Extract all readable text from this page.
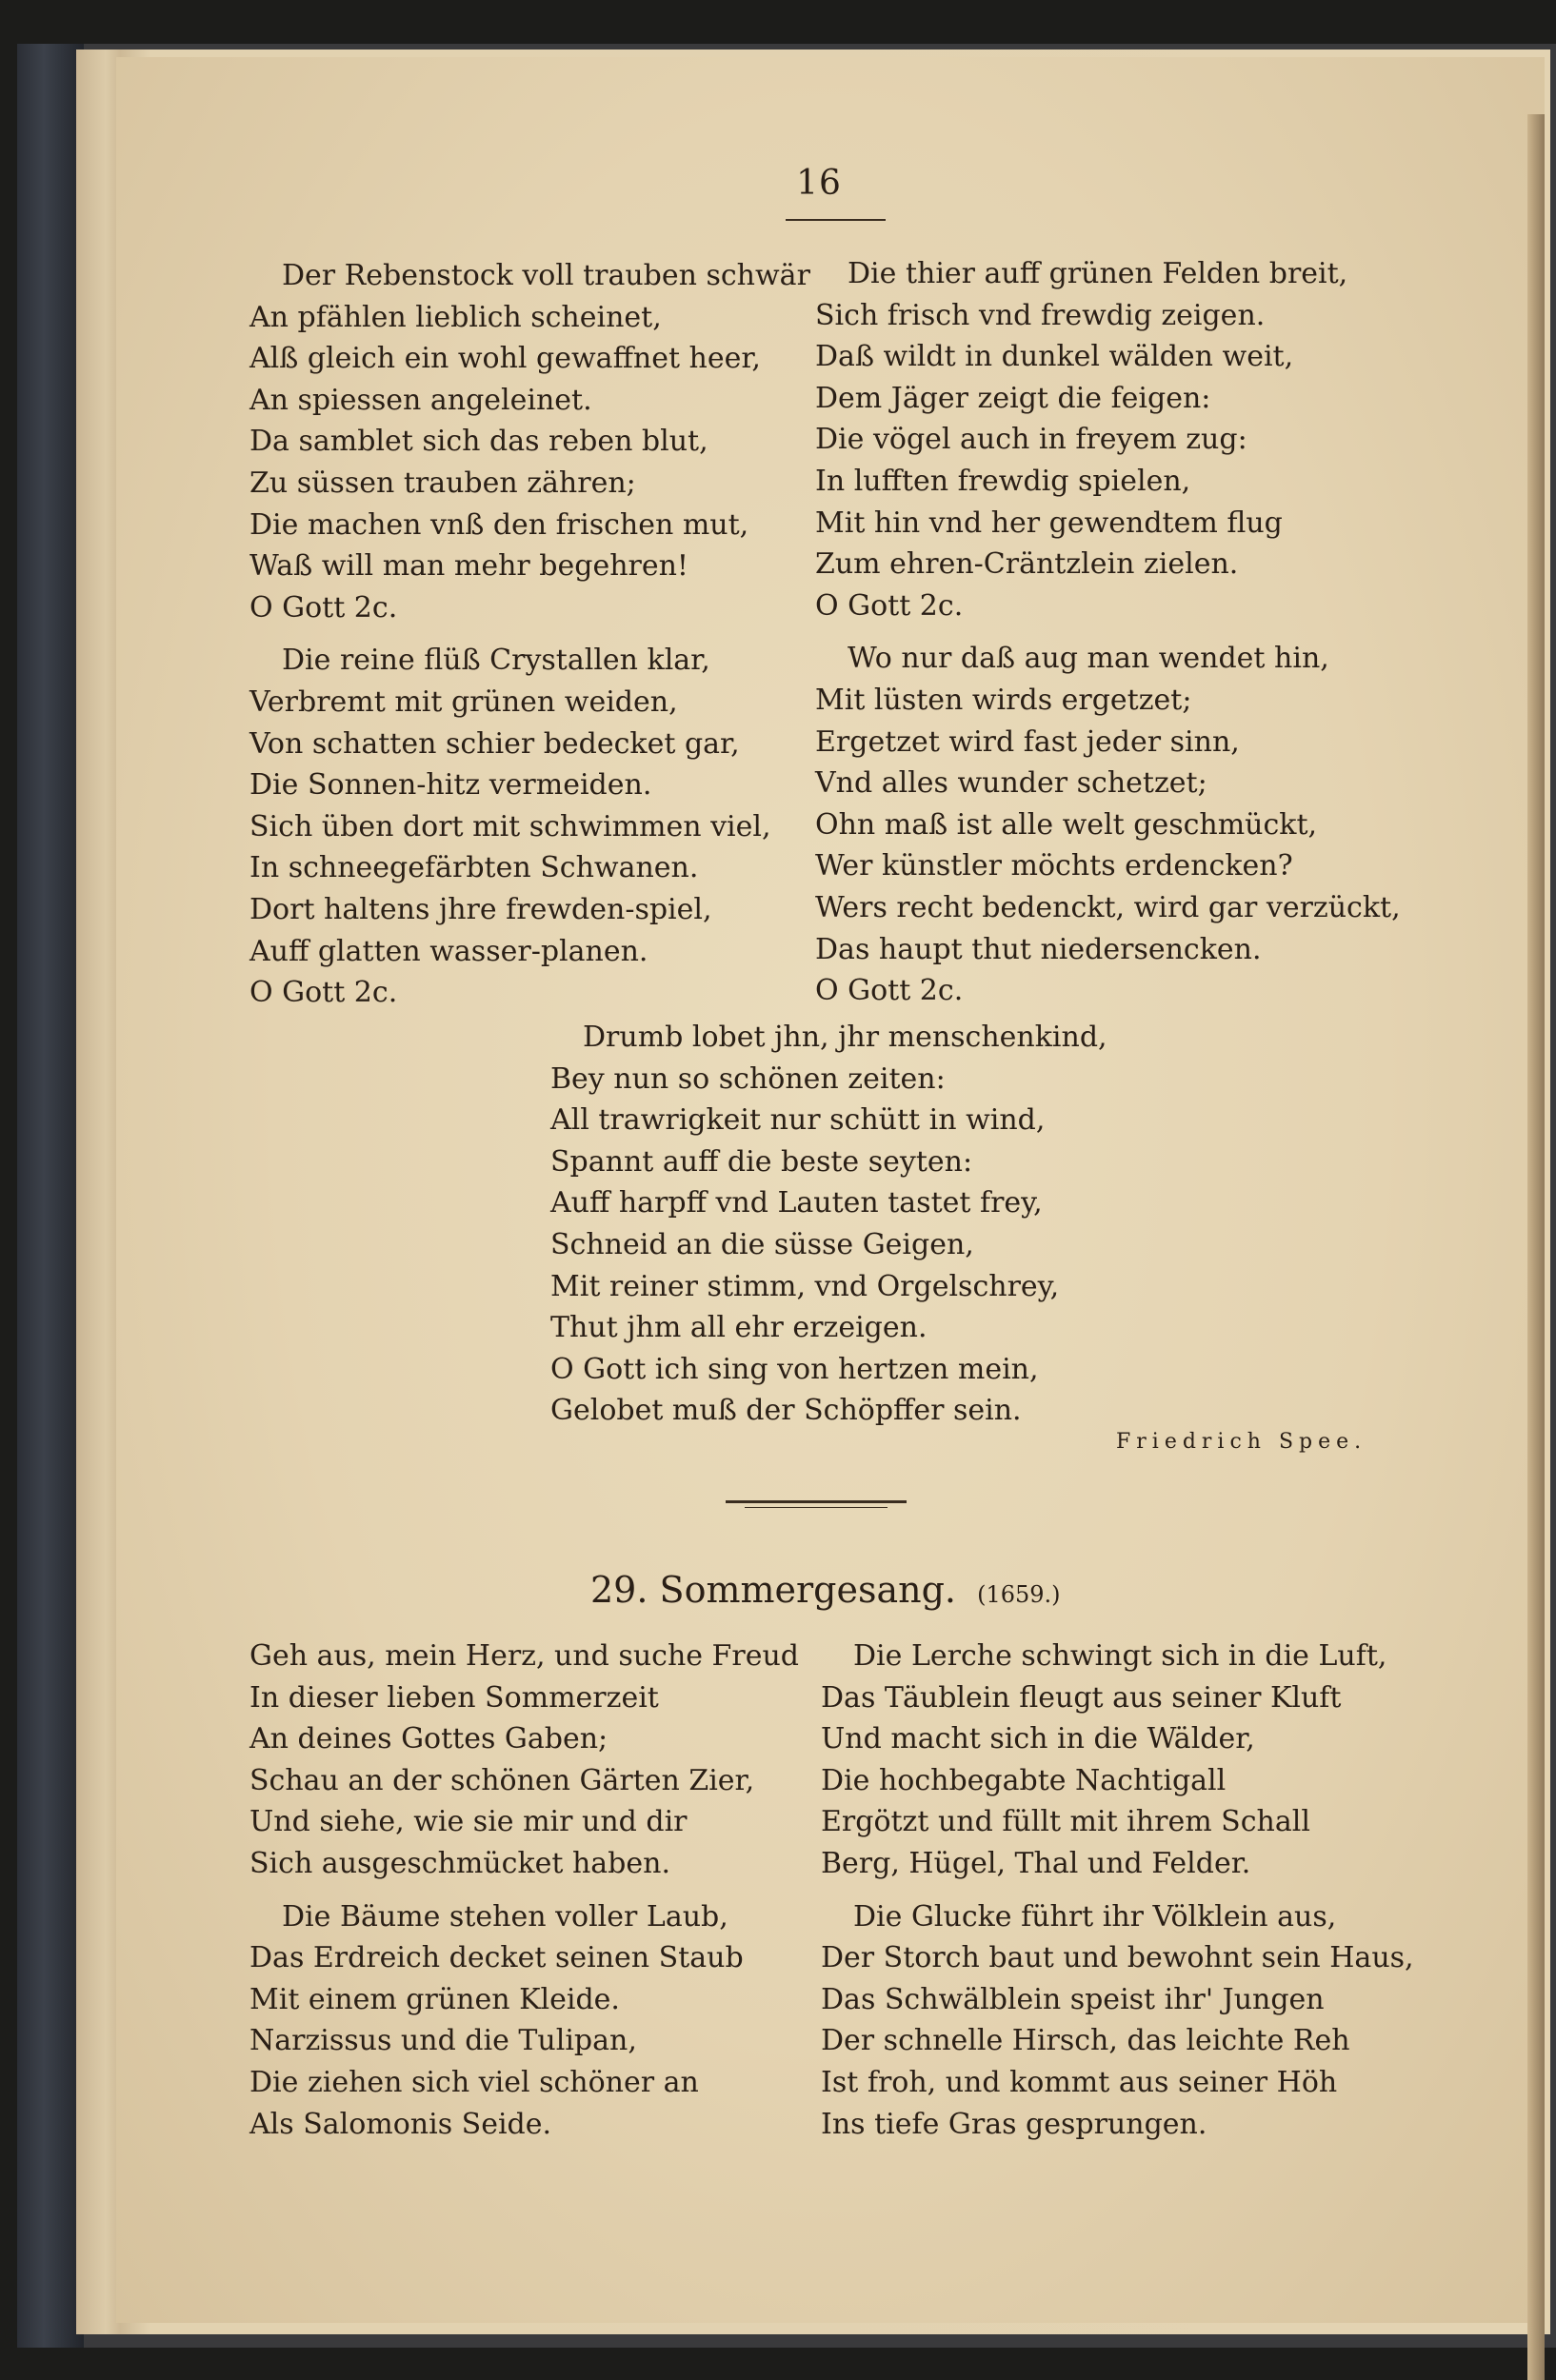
16
Der Rebenstock voll trauben schwär
An pfählen lieblich scheinet,
Alß gleich ein wohl gewaffnet heer,
An spiessen angeleinet.
Da samblet sich das reben blut,
Zu süssen trauben zähren;
Die machen vnß den frischen mut,
Waß will man mehr begehren!
O Gott 2c.
Die reine flüß Crystallen klar,
Verbremt mit grünen weiden,
Von schatten schier bedecket gar,
Die Sonnen-hitz vermeiden.
Sich üben dort mit schwimmen viel,
In schneegefärbten Schwanen.
Dort haltens jhre frewden-spiel,
Auff glatten wasser-planen.
O Gott 2c.
Die thier auff grünen Felden breit,
Sich frisch vnd frewdig zeigen.
Daß wildt in dunkel wälden weit,
Dem Jäger zeigt die feigen:
Die vögel auch in freyem zug:
In lufften frewdig spielen,
Mit hin vnd her gewendtem flug
Zum ehren-Cräntzlein zielen.
O Gott 2c.
Wo nur daß aug man wendet hin,
Mit lüsten wirds ergetzet;
Ergetzet wird fast jeder sinn,
Vnd alles wunder schetzet;
Ohn maß ist alle welt geschmückt,
Wer künstler möchts erdencken?
Wers recht bedenckt, wird gar verzückt,
Das haupt thut niedersencken.
O Gott 2c.
Drumb lobet jhn, jhr menschenkind,
Bey nun so schönen zeiten:
All trawrigkeit nur schütt in wind,
Spannt auff die beste seyten:
Auff harpff vnd Lauten tastet frey,
Schneid an die süsse Geigen,
Mit reiner stimm, vnd Orgelschrey,
Thut jhm all ehr erzeigen.
O Gott ich sing von hertzen mein,
Gelobet muß der Schöpffer sein.
Friedrich Spee.
29. Sommergesang. (1659.)
Geh aus, mein Herz, und suche Freud
In dieser lieben Sommerzeit
An deines Gottes Gaben;
Schau an der schönen Gärten Zier,
Und siehe, wie sie mir und dir
Sich ausgeschmücket haben.
Die Bäume stehen voller Laub,
Das Erdreich decket seinen Staub
Mit einem grünen Kleide.
Narzissus und die Tulipan,
Die ziehen sich viel schöner an
Als Salomonis Seide.
Die Lerche schwingt sich in die Luft,
Das Täublein fleugt aus seiner Kluft
Und macht sich in die Wälder,
Die hochbegabte Nachtigall
Ergötzt und füllt mit ihrem Schall
Berg, Hügel, Thal und Felder.
Die Glucke führt ihr Völklein aus,
Der Storch baut und bewohnt sein Haus,
Das Schwälblein speist ihr' Jungen
Der schnelle Hirsch, das leichte Reh
Ist froh, und kommt aus seiner Höh
Ins tiefe Gras gesprungen.
